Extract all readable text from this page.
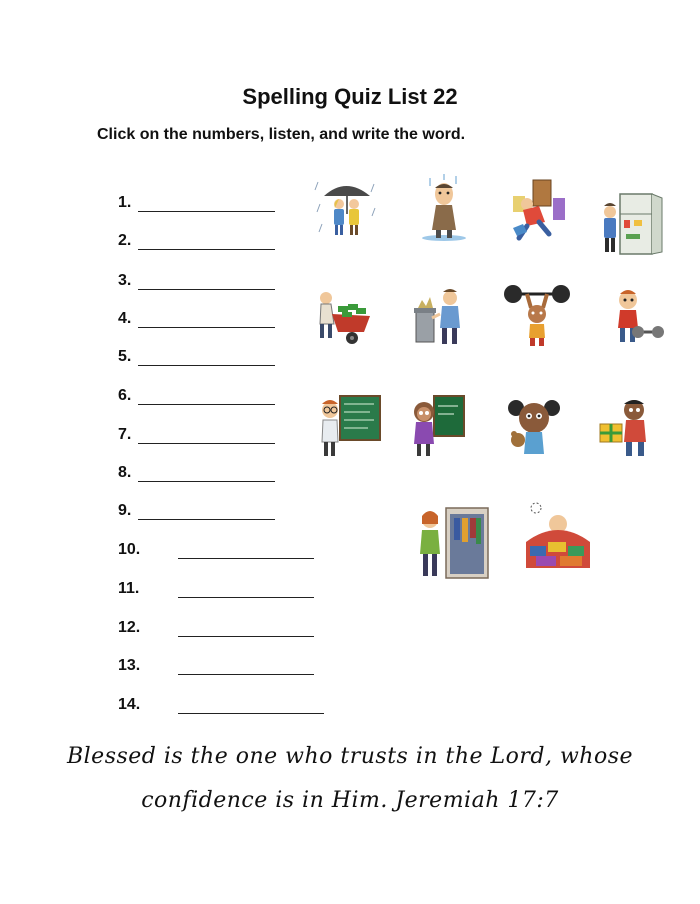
Spelling Quiz List 22
Click on the numbers, listen, and write the word.
1.
2.
3.
4.
5.
6.
7.
8.
9.
10.
11.
12.
13.
14.
Blessed is the one who trusts in the Lord, whose
confidence is in Him. Jeremiah 17:7
